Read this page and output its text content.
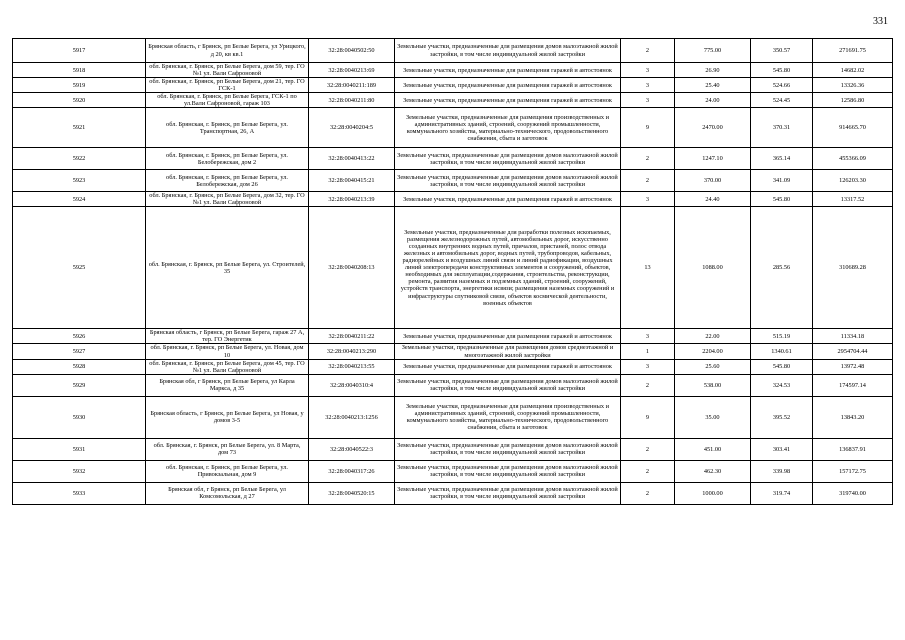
331
5917	Брянская область, г Брянск, рп Белые Берега, ул Урицкого, д 20, кв кв.1	32:28:0040502:50	Земельные участки, предназначенные для размещения домов малоэтажной жилой застройки, в том числе индивидуальной жилой застройки	2	775.00	350.57	271691.75
5918	обл. Брянская, г. Брянск, рп Белые Берега, дом 59, тер. ГО №1 ул. Вали Сафроновой	32:28:0040213:69	Земельные участки, предназначенные для размещения гаражей и автостоянок	3	26.90	545.80	14682.02
5919	обл. Брянская, г. Брянск, рп Белые Берега, дом 21, тер. ГО ГСК-1	32:28:0040211:189	Земельные участки, предназначенные для размещения гаражей и автостоянок	3	25.40	524.66	13326.36
5920	обл. Брянская, г. Брянск, рп Белые Берега, ГСК-1 по ул.Вали Сафроновой, гараж 103	32:28:0040211:80	Земельные участки, предназначенные для размещения гаражей и автостоянок	3	24.00	524.45	12586.80
5921	обл. Брянская, г. Брянск, рп Белые Берега, ул. Транспортная, 26, А	32:28:0040204:5	Земельные участки, предназначенные для размещения производственных и административных зданий, строений, сооружений промышленности, коммунального хозяйства, материально-технического, продовольственного снабжения, сбыта и заготовок	9	2470.00	370.31	914665.70
5922	обл. Брянская, г. Брянск, рп Белые Берега, ул. Белобережская, дом 2	32:28:0040413:22	Земельные участки, предназначенные для размещения домов малоэтажной жилой застройки, в том числе индивидуальной жилой застройки	2	1247.10	365.14	455366.09
5923	обл. Брянская, г. Брянск, рп Белые Берега, ул. Белобережская, дом 26	32:28:0040415:21	Земельные участки, предназначенные для размещения домов малоэтажной жилой застройки, в том числе индивидуальной жилой застройки	2	370.00	341.09	126203.30
5924	обл. Брянская, г. Брянск, рп Белые Берега, дом 32, тер. ГО №1 ул. Вали Сафроновой	32:28:0040213:39	Земельные участки, предназначенные для размещения гаражей и автостоянок	3	24.40	545.80	13317.52
5925	обл. Брянская, г. Брянск, рп Белые Берега, ул. Строителей, 35	32:28:0040208:13	Земельные участки, предназначенные для разработки полезных ископаемых, размещения железнодорожных путей, автомобильных дорог, искусственно созданных внутренних водных путей, причалов, пристаней, полос отвода железных и автомобильных дорог, водных путей, трубопроводов, кабельных, радиорелейных и воздушных линий связи и линий радиофикации, воздушных линий электропередачи конструктивных элементов и сооружений, объектов, необходимых для эксплуатации,содержания, строительства, реконструкции, ремонта, развития наземных и подземных зданий, строений, сооружений, устройств транспорта, энергетики исвязи; размещения наземных сооружений и инфраструктуры спутниковой связи, объектов космической деятельности, военных объектов	13	1088.00	285.56	310689.28
5926	Брянская область, г Брянск, рп Белые Берега, гараж 27 А, тер. ГО Энергетик	32:28:0040211:22	Земельные участки, предназначенные для размещения гаражей и автостоянок	3	22.00	515.19	11334.18
5927	обл. Брянская, г. Брянск, рп Белые Берега, ул. Новая, дом 10	32:28:0040213:290	Земельные участки, предназначенные для размещения домов среднеэтажной и многоэтажной жилой застройки	1	2204.00	1340.61	2954704.44
5928	обл. Брянская, г. Брянск, рп Белые Берега, дом 45, тер. ГО №1 ул. Вали Сафроновой	32:28:0040213:55	Земельные участки, предназначенные для размещения гаражей и автостоянок	3	25.60	545.80	13972.48
5929	Брянская обл, г Брянск, рп Белые Берега, ул Карла Маркса, д 35	32:28:0040310:4	Земельные участки, предназначенные для размещения домов малоэтажной жилой застройки, в том числе индивидуальной жилой застройки	2	538.00	324.53	174597.14
5930	Брянская область, г Брянск, рп Белые Берега, ул Новая, у домов 3-5	32:28:0040213:1256	Земельные участки, предназначенные для размещения производственных и административных зданий, строений, сооружений промышленности, коммунального хозяйства, материально-технического, продовольственного снабжения, сбыта и заготовок	9	35.00	395.52	13843.20
5931	обл. Брянская, г. Брянск, рп Белые Берега, ул. 8 Марта, дом 73	32:28:0040522:3	Земельные участки, предназначенные для размещения домов малоэтажной жилой застройки, в том числе индивидуальной жилой застройки	2	451.00	303.41	136837.91
5932	обл. Брянская, г. Брянск, рп Белые Берега, ул. Привокзальная, дом 9	32:28:0040317:26	Земельные участки, предназначенные для размещения домов малоэтажной жилой застройки, в том числе индивидуальной жилой застройки	2	462.30	339.98	157172.75
5933	Брянская обл, г Брянск, рп Белые Берега, ул Комсомольская, д 27	32:28:0040520:15	Земельные участки, предназначенные для размещения домов малоэтажной жилой застройки, в том числе индивидуальной жилой застройки	2	1000.00	319.74	319740.00
